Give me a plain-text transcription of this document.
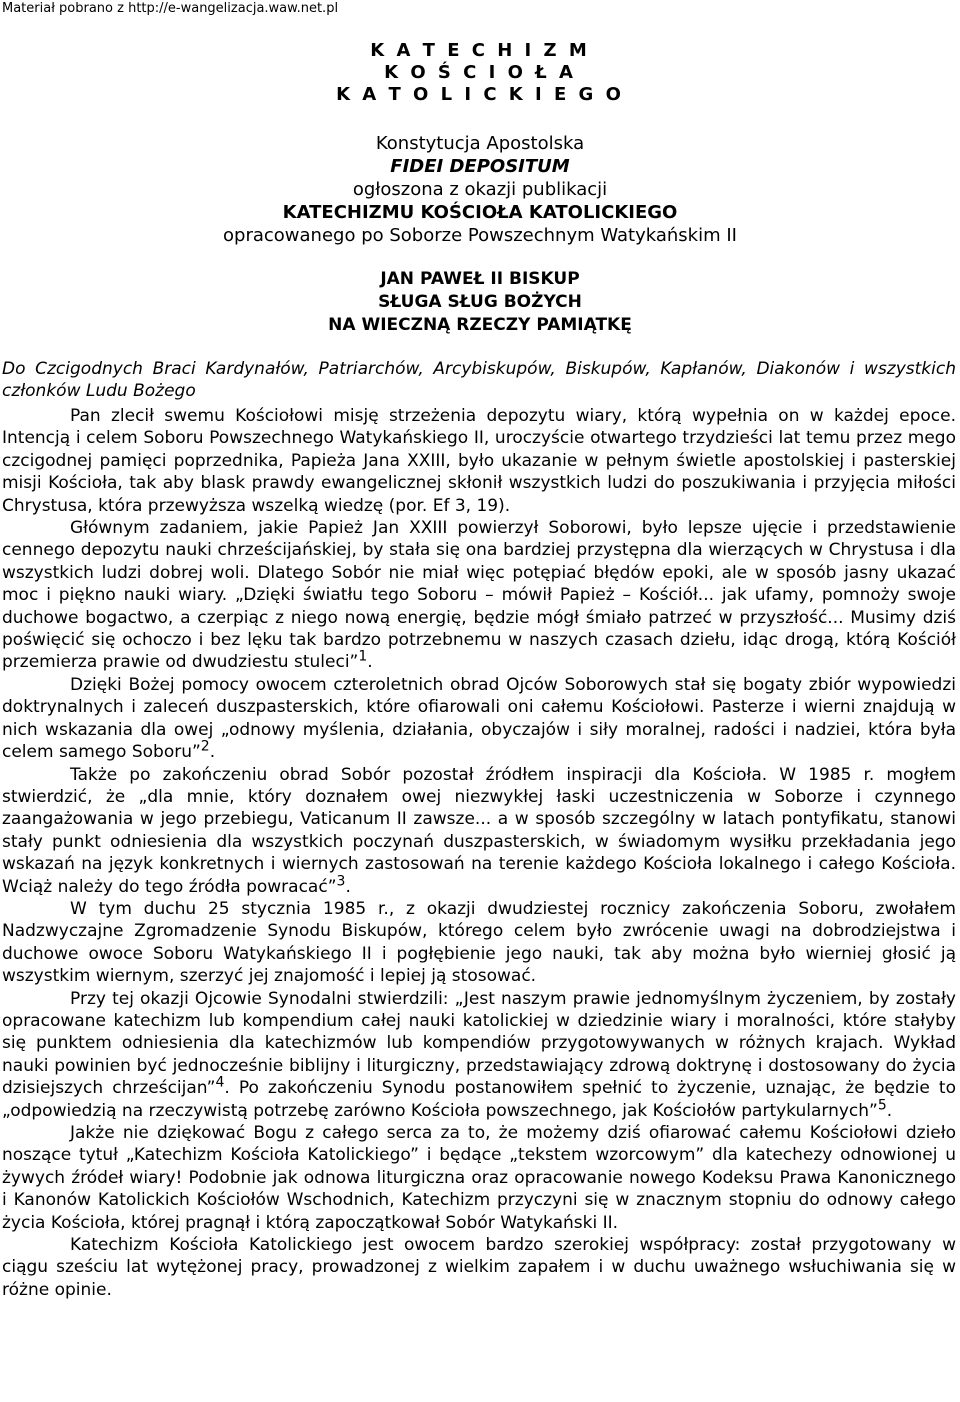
Materiał pobrano z http://e-wangelizacja.waw.net.pl
K A T E C H I Z M
K O Ś C I O Ł A
K A T O L I C K I E G O
Konstytucja Apostolska
FIDEI DEPOSITUM
ogłoszona z okazji publikacji
KATECHIZMU KOŚCIOŁA KATOLICKIEGO
opracowanego po Soborze Powszechnym Watykańskim II
JAN PAWEŁ II BISKUP
SŁUGA SŁUG BOŻYCH
NA WIECZNĄ RZECZY PAMIĄTKĘ
Do Czcigodnych Braci Kardynałów, Patriarchów, Arcybiskupów, Biskupów, Kapłanów, Diakonów i wszystkich członków Ludu Bożego

Pan zlecił swemu Kościołowi misję strzeżenia depozytu wiary, którą wypełnia on w każdej epoce. Intencją i celem Soboru Powszechnego Watykańskiego II, uroczyście otwartego trzydzieści lat temu przez mego czcigodnej pamięci poprzednika, Papieża Jana XXIII, było ukazanie w pełnym świetle apostolskiej i pasterskiej misji Kościoła, tak aby blask prawdy ewangelicznej skłonił wszystkich ludzi do poszukiwania i przyjęcia miłości Chrystusa, która przewyższa wszelką wiedzę (por. Ef 3, 19).

Głównym zadaniem, jakie Papież Jan XXIII powierzył Soborowi, było lepsze ujęcie i przedstawienie cennego depozytu nauki chrześcijańskiej, by stała się ona bardziej przystępna dla wierzących w Chrystusa i dla wszystkich ludzi dobrej woli. Dlatego Sobór nie miał więc potępiać błędów epoki, ale w sposób jasny ukazać moc i piękno nauki wiary. „Dzięki światłu tego Soboru – mówił Papież – Kościół... jak ufamy, pomnoży swoje duchowe bogactwo, a czerpiąc z niego nową energię, będzie mógł śmiało patrzeć w przyszłość... Musimy dziś poświęcić się ochoczo i bez lęku tak bardzo potrzebnemu w naszych czasach dziełu, idąc drogą, którą Kościół przemierza prawie od dwudziestu stuleci”$^1$.

Dzięki Bożej pomocy owocem czteroletnich obrad Ojców Soborowych stał się bogaty zbiór wypowiedzi doktrynalnych i zaleceń duszpasterskich, które ofiarowali oni całemu Kościołowi. Pasterze i wierni znajdują w nich wskazania dla owej „odnowy myślenia, działania, obyczajów i siły moralnej, radości i nadziei, która była celem samego Soboru”$^2$.

Także po zakończeniu obrad Sobór pozostał źródłem inspiracji dla Kościoła. W 1985 r. mogłem stwierdzić, że „dla mnie, który doznałem owej niezwykłej łaski uczestniczenia w Soborze i czynnego zaangażowania w jego przebiegu, Vaticanum II zawsze... a w sposób szczególny w latach pontyfikatu, stanowi stały punkt odniesienia dla wszystkich poczynań duszpasterskich, w świadomym wysiłku przekładania jego wskazań na język konkretnych i wiernych zastosowań na terenie każdego Kościoła lokalnego i całego Kościoła. Wciąż należy do tego źródła powracać”$^3$.

W tym duchu 25 stycznia 1985 r., z okazji dwudziestej rocznicy zakończenia Soboru, zwołałem Nadzwyczajne Zgromadzenie Synodu Biskupów, którego celem było zwrócenie uwagi na dobrodziejstwa i duchowe owoce Soboru Watykańskiego II i pogłębienie jego nauki, tak aby można było wierniej głosić ją wszystkim wiernym, szerzyć jej znajomość i lepiej ją stosować.

Przy tej okazji Ojcowie Synodalni stwierdzili: „Jest naszym prawie jednomyślnym życzeniem, by zostały opracowane katechizm lub kompendium całej nauki katolickiej w dziedzinie wiary i moralności, które stałyby się punktem odniesienia dla katechizmów lub kompendiów przygotowywanych w różnych krajach. Wykład nauki powinien być jednocześnie biblijny i liturgiczny, przedstawiający zdrową doktrynę i dostosowany do życia dzisiejszych chrześcijan”$^4$. Po zakończeniu Synodu postanowiłem spełnić to życzenie, uznając, że będzie to „odpowiedzią na rzeczywistą potrzebę zarówno Kościoła powszechnego, jak Kościołów partykularnych”$^5$.

Jakże nie dziękować Bogu z całego serca za to, że możemy dziś ofiarować całemu Kościołowi dzieło noszące tytuł „Katechizm Kościoła Katolickiego” i będące „tekstem wzorcowym” dla katechezy odnowionej u żywych źródeł wiary! Podobnie jak odnowa liturgiczna oraz opracowanie nowego Kodeksu Prawa Kanonicznego i Kanonów Katolickich Kościołów Wschodnich, Katechizm przyczyni się w znacznym stopniu do odnowy całego życia Kościoła, której pragnął i którą zapoczątkował Sobór Watykański II.

Katechizm Kościoła Katolickiego jest owocem bardzo szerokiej współpracy: został przygotowany w ciągu sześciu lat wytężonej pracy, prowadzonej z wielkim zapałem i w duchu uważnego wsłuchiwania się w różne opinie.
